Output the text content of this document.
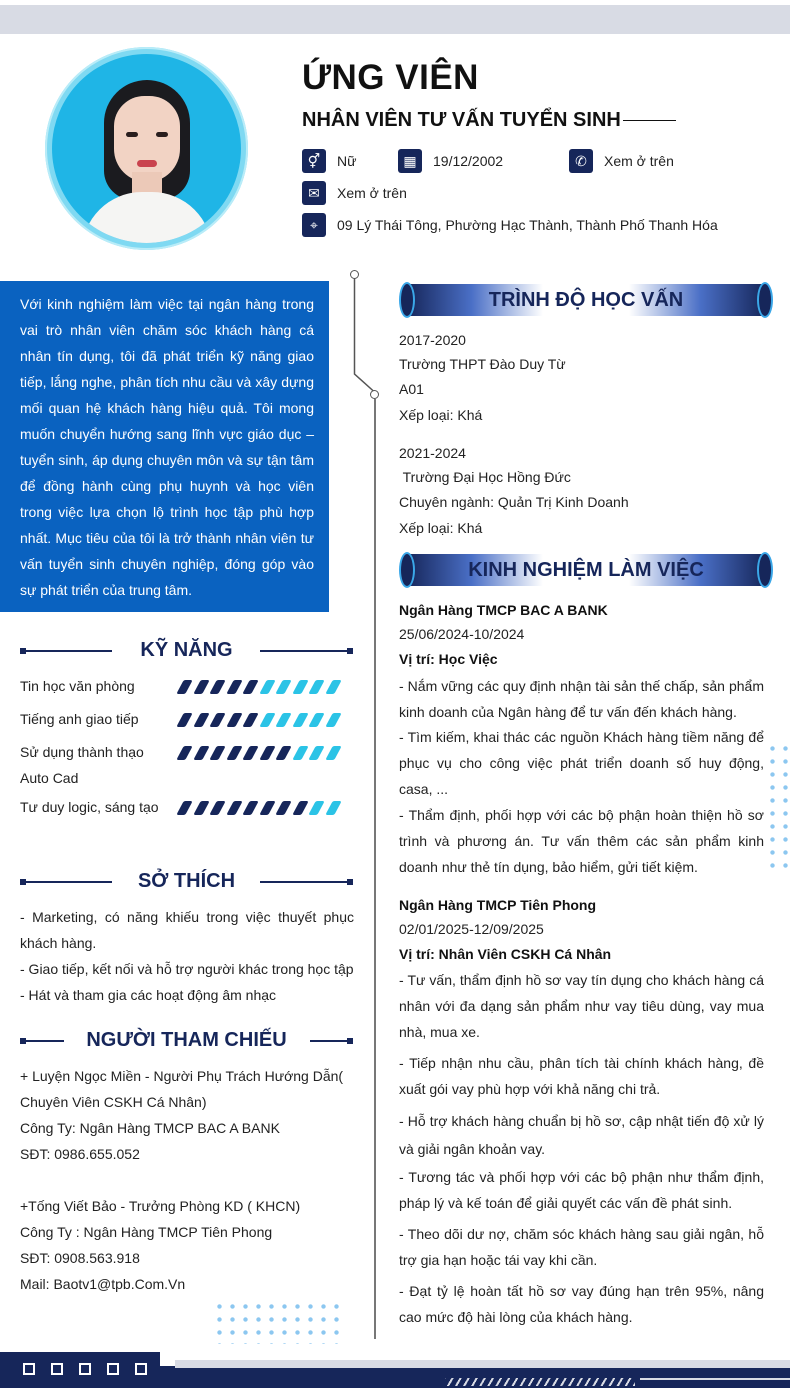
ỨNG VIÊN
NHÂN VIÊN TƯ VẤN TUYỂN SINH
⚥	Nữ	▦	19/12/2002	✆	Xem ở trên
✉	Xem ở trên
⌖	09 Lý Thái Tông, Phường Hạc Thành, Thành Phố Thanh Hóa
Với kinh nghiệm làm việc tại ngân hàng trong vai trò nhân viên chăm sóc khách hàng cá nhân tín dụng, tôi đã phát triển kỹ năng giao tiếp, lắng nghe, phân tích nhu cầu và xây dựng mối quan hệ khách hàng hiệu quả. Tôi mong muốn chuyển hướng sang lĩnh vực giáo dục – tuyển sinh, áp dụng chuyên môn và sự tận tâm để đồng hành cùng phụ huynh và học viên trong việc lựa chọn lộ trình học tập phù hợp nhất. Mục tiêu của tôi là trở thành nhân viên tư vấn tuyển sinh chuyên nghiệp, đóng góp vào sự phát triển của trung tâm.
KỸ NĂNG
Tin học văn phòng
Tiếng anh giao tiếp
Sử dụng thành thạo Auto Cad
Tư duy logic, sáng tạo
SỞ THÍCH
- Marketing, có năng khiếu trong việc thuyết phục khách hàng.
- Giao tiếp, kết nối và hỗ trợ người khác trong học tập
- Hát và tham gia các hoạt động âm nhạc
NGƯỜI THAM CHIẾU
+ Luyện Ngọc Miền - Người Phụ Trách Hướng Dẫn( Chuyên Viên CSKH Cá Nhân)
Công Ty: Ngân Hàng TMCP BAC A BANK
SĐT: 0986.655.052
+Tống Viết Bảo - Trưởng Phòng KD ( KHCN)
Công Ty : Ngân Hàng TMCP Tiên Phong
SĐT: 0908.563.918
Mail: Baotv1@tpb.Com.Vn
TRÌNH ĐỘ HỌC VẤN
2017-2020
Trường THPT Đào Duy Từ
A01
Xếp loại: Khá
2021-2024
Trường Đại Học Hồng Đức
Chuyên ngành: Quản Trị Kinh Doanh
Xếp loại: Khá
KINH NGHIỆM LÀM VIỆC
Ngân Hàng TMCP BAC A BANK
25/06/2024-10/2024
Vị trí: Học Việc
- Nắm vững các quy định nhận tài sản thế chấp, sản phẩm kinh doanh của Ngân hàng để tư vấn đến khách hàng.
- Tìm kiếm, khai thác các nguồn Khách hàng tiềm năng để phục vụ cho công việc phát triển doanh số huy động, casa, ...
- Thẩm định, phối hợp với các bộ phận hoàn thiện hồ sơ trình và phương án. Tư vấn thêm các sản phẩm kinh doanh như thẻ tín dụng, bảo hiểm, gửi tiết kiệm.
Ngân Hàng TMCP Tiên Phong
02/01/2025-12/09/2025
Vị trí: Nhân Viên CSKH Cá Nhân
- Tư vấn, thẩm định hồ sơ vay tín dụng cho khách hàng cá nhân với đa dạng sản phẩm như vay tiêu dùng, vay mua nhà, mua xe.
- Tiếp nhận nhu cầu, phân tích tài chính khách hàng, đề xuất gói vay phù hợp với khả năng chi trả.
- Hỗ trợ khách hàng chuẩn bị hồ sơ, cập nhật tiến độ xử lý và giải ngân khoản vay.
- Tương tác và phối hợp với các bộ phận như thẩm định, pháp lý và kế toán để giải quyết các vấn đề phát sinh.
- Theo dõi dư nợ, chăm sóc khách hàng sau giải ngân, hỗ trợ gia hạn hoặc tái vay khi cần.
- Đạt tỷ lệ hoàn tất hồ sơ vay đúng hạn trên 95%, nâng cao mức độ hài lòng của khách hàng.
